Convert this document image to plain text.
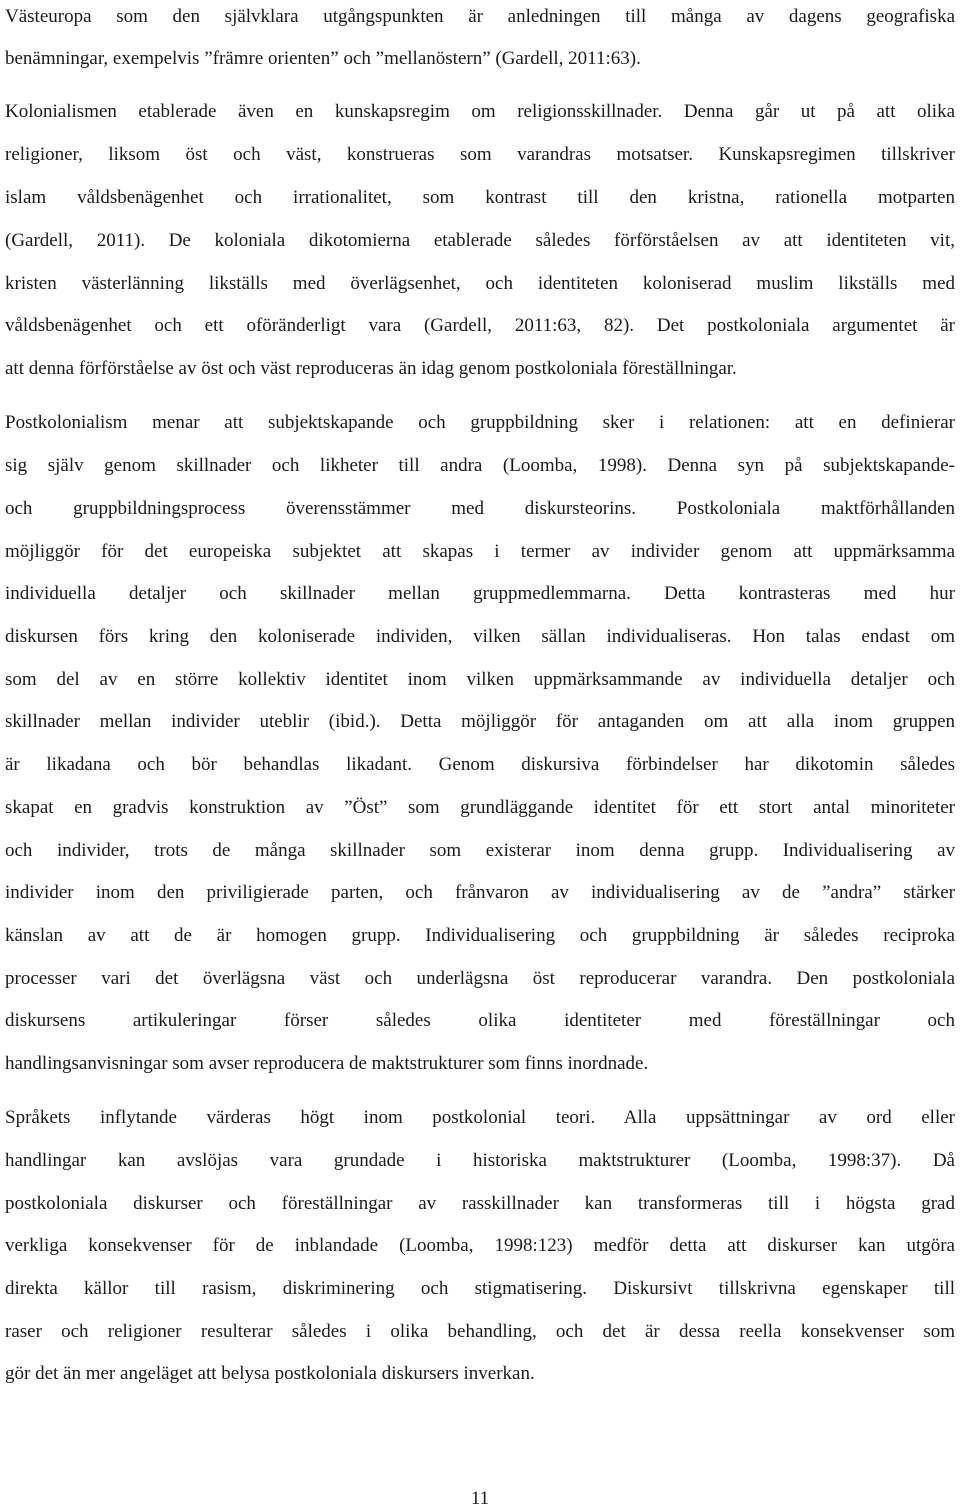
Västeuropa som den självklara utgångspunkten är anledningen till många av dagens geografiska
benämningar, exempelvis ”främre orienten” och ”mellanöstern” (Gardell, 2011:63).
Kolonialismen etablerade även en kunskapsregim om religionsskillnader. Denna går ut på att olika
religioner, liksom öst och väst, konstrueras som varandras motsatser. Kunskapsregimen tillskriver
islam våldsbenägenhet och irrationalitet, som kontrast till den kristna, rationella motparten
(Gardell, 2011). De koloniala dikotomierna etablerade således förförståelsen av att identiteten vit,
kristen västerlänning likställs med överlägsenhet, och identiteten koloniserad muslim likställs med
våldsbenägenhet och ett oföränderligt vara (Gardell, 2011:63, 82). Det postkoloniala argumentet är
att denna förförståelse av öst och väst reproduceras än idag genom postkoloniala föreställningar.
Postkolonialism menar att subjektskapande och gruppbildning sker i relationen: att en definierar
sig själv genom skillnader och likheter till andra (Loomba, 1998). Denna syn på subjektskapande-
och gruppbildningsprocess överensstämmer med diskursteorins. Postkoloniala maktförhållanden
möjliggör för det europeiska subjektet att skapas i termer av individer genom att uppmärksamma
individuella detaljer och skillnader mellan gruppmedlemmarna. Detta kontrasteras med hur
diskursen förs kring den koloniserade individen, vilken sällan individualiseras. Hon talas endast om
som del av en större kollektiv identitet inom vilken uppmärksammande av individuella detaljer och
skillnader mellan individer uteblir (ibid.). Detta möjliggör för antaganden om att alla inom gruppen
är likadana och bör behandlas likadant. Genom diskursiva förbindelser har dikotomin således
skapat en gradvis konstruktion av ”Öst” som grundläggande identitet för ett stort antal minoriteter
och individer, trots de många skillnader som existerar inom denna grupp. Individualisering av
individer inom den priviligierade parten, och frånvaron av individualisering av de ”andra” stärker
känslan av att de är homogen grupp. Individualisering och gruppbildning är således reciproka
processer vari det överlägsna väst och underlägsna öst reproducerar varandra. Den postkoloniala
diskursens artikuleringar förser således olika identiteter med föreställningar och
handlingsanvisningar som avser reproducera de maktstrukturer som finns inordnade.
Språkets inflytande värderas högt inom postkolonial teori. Alla uppsättningar av ord eller
handlingar kan avslöjas vara grundade i historiska maktstrukturer (Loomba, 1998:37). Då
postkoloniala diskurser och föreställningar av rasskillnader kan transformeras till i högsta grad
verkliga konsekvenser för de inblandade (Loomba, 1998:123) medför detta att diskurser kan utgöra
direkta källor till rasism, diskriminering och stigmatisering. Diskursivt tillskrivna egenskaper till
raser och religioner resulterar således i olika behandling, och det är dessa reella konsekvenser som
gör det än mer angeläget att belysa postkoloniala diskursers inverkan.
11
